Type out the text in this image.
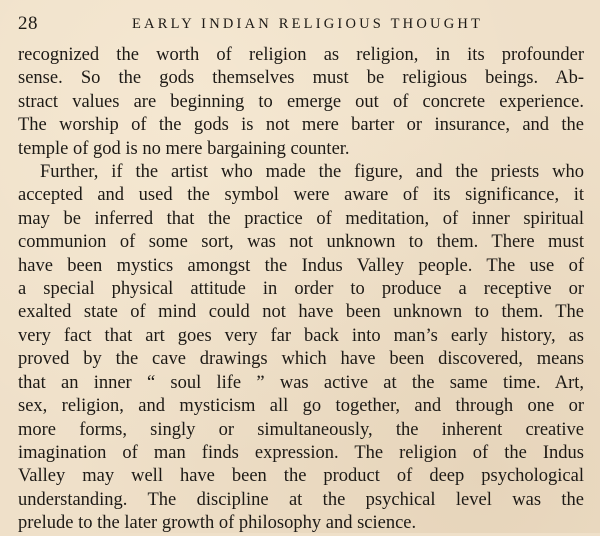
28	EARLY INDIAN RELIGIOUS THOUGHT
recognized the worth of religion as religion, in its profounder
sense. So the gods themselves must be religious beings. Ab-
stract values are beginning to emerge out of concrete experience.
The worship of the gods is not mere barter or insurance, and the
temple of god is no mere bargaining counter.
Further, if the artist who made the figure, and the priests who
accepted and used the symbol were aware of its significance, it
may be inferred that the practice of meditation, of inner spiritual
communion of some sort, was not unknown to them. There must
have been mystics amongst the Indus Valley people. The use of
a special physical attitude in order to produce a receptive or
exalted state of mind could not have been unknown to them. The
very fact that art goes very far back into man’s early history, as
proved by the cave drawings which have been discovered, means
that an inner “ soul life ” was active at the same time. Art,
sex, religion, and mysticism all go together, and through one or
more forms, singly or simultaneously, the inherent creative
imagination of man finds expression. The religion of the Indus
Valley may well have been the product of deep psychological
understanding. The discipline at the psychical level was the
prelude to the later growth of philosophy and science.
